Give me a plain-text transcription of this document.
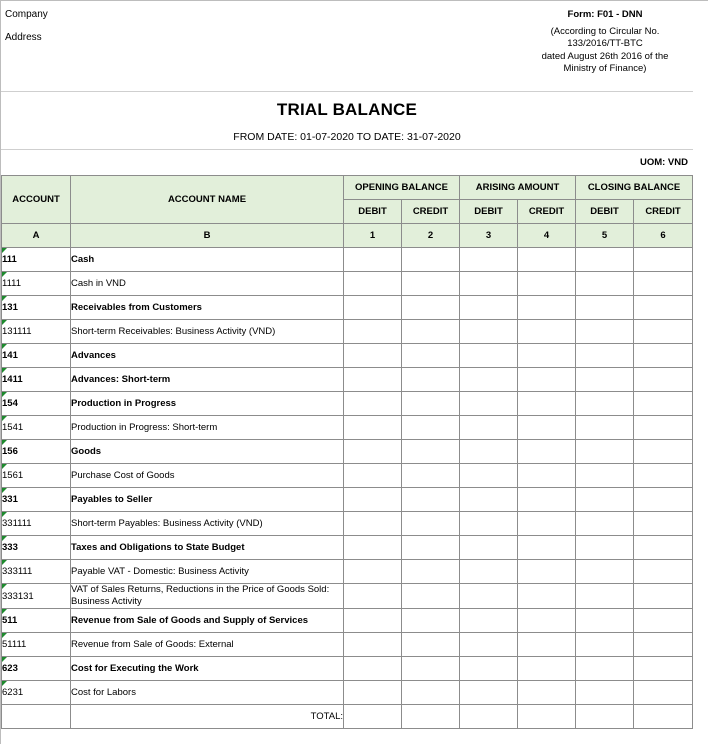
Company
Address
Form: F01 - DNN
(According to Circular No.
133/2016/TT-BTC
dated August 26th 2016 of the
Ministry of Finance)
TRIAL BALANCE
FROM DATE: 01-07-2020 TO DATE: 31-07-2020
UOM: VND
ACCOUNT	ACCOUNT NAME	OPENING BALANCE		ARISING AMOUNT		CLOSING BALANCE	
		DEBIT	CREDIT	DEBIT	CREDIT	DEBIT	CREDIT
A	B	1	2	3	4	5	6

111	Cash						

1111	Cash in VND						

131	Receivables from Customers						

131111	Short-term Receivables: Business Activity (VND)						

141	Advances						

1411	Advances: Short-term						

154	Production in Progress						

1541	Production in Progress: Short-term						

156	Goods						

1561	Purchase Cost of Goods						

331	Payables to Seller						

331111	Short-term Payables: Business Activity (VND)						

333	Taxes and Obligations to State Budget						

333111	Payable VAT - Domestic: Business Activity						

333131	VAT of Sales Returns, Reductions in the Price of Goods Sold: Business Activity						

511	Revenue from Sale of Goods and Supply of Services						

51111	Revenue from Sale of Goods: External						

623	Cost for Executing the Work						

6231	Cost for Labors						
	TOTAL:						
